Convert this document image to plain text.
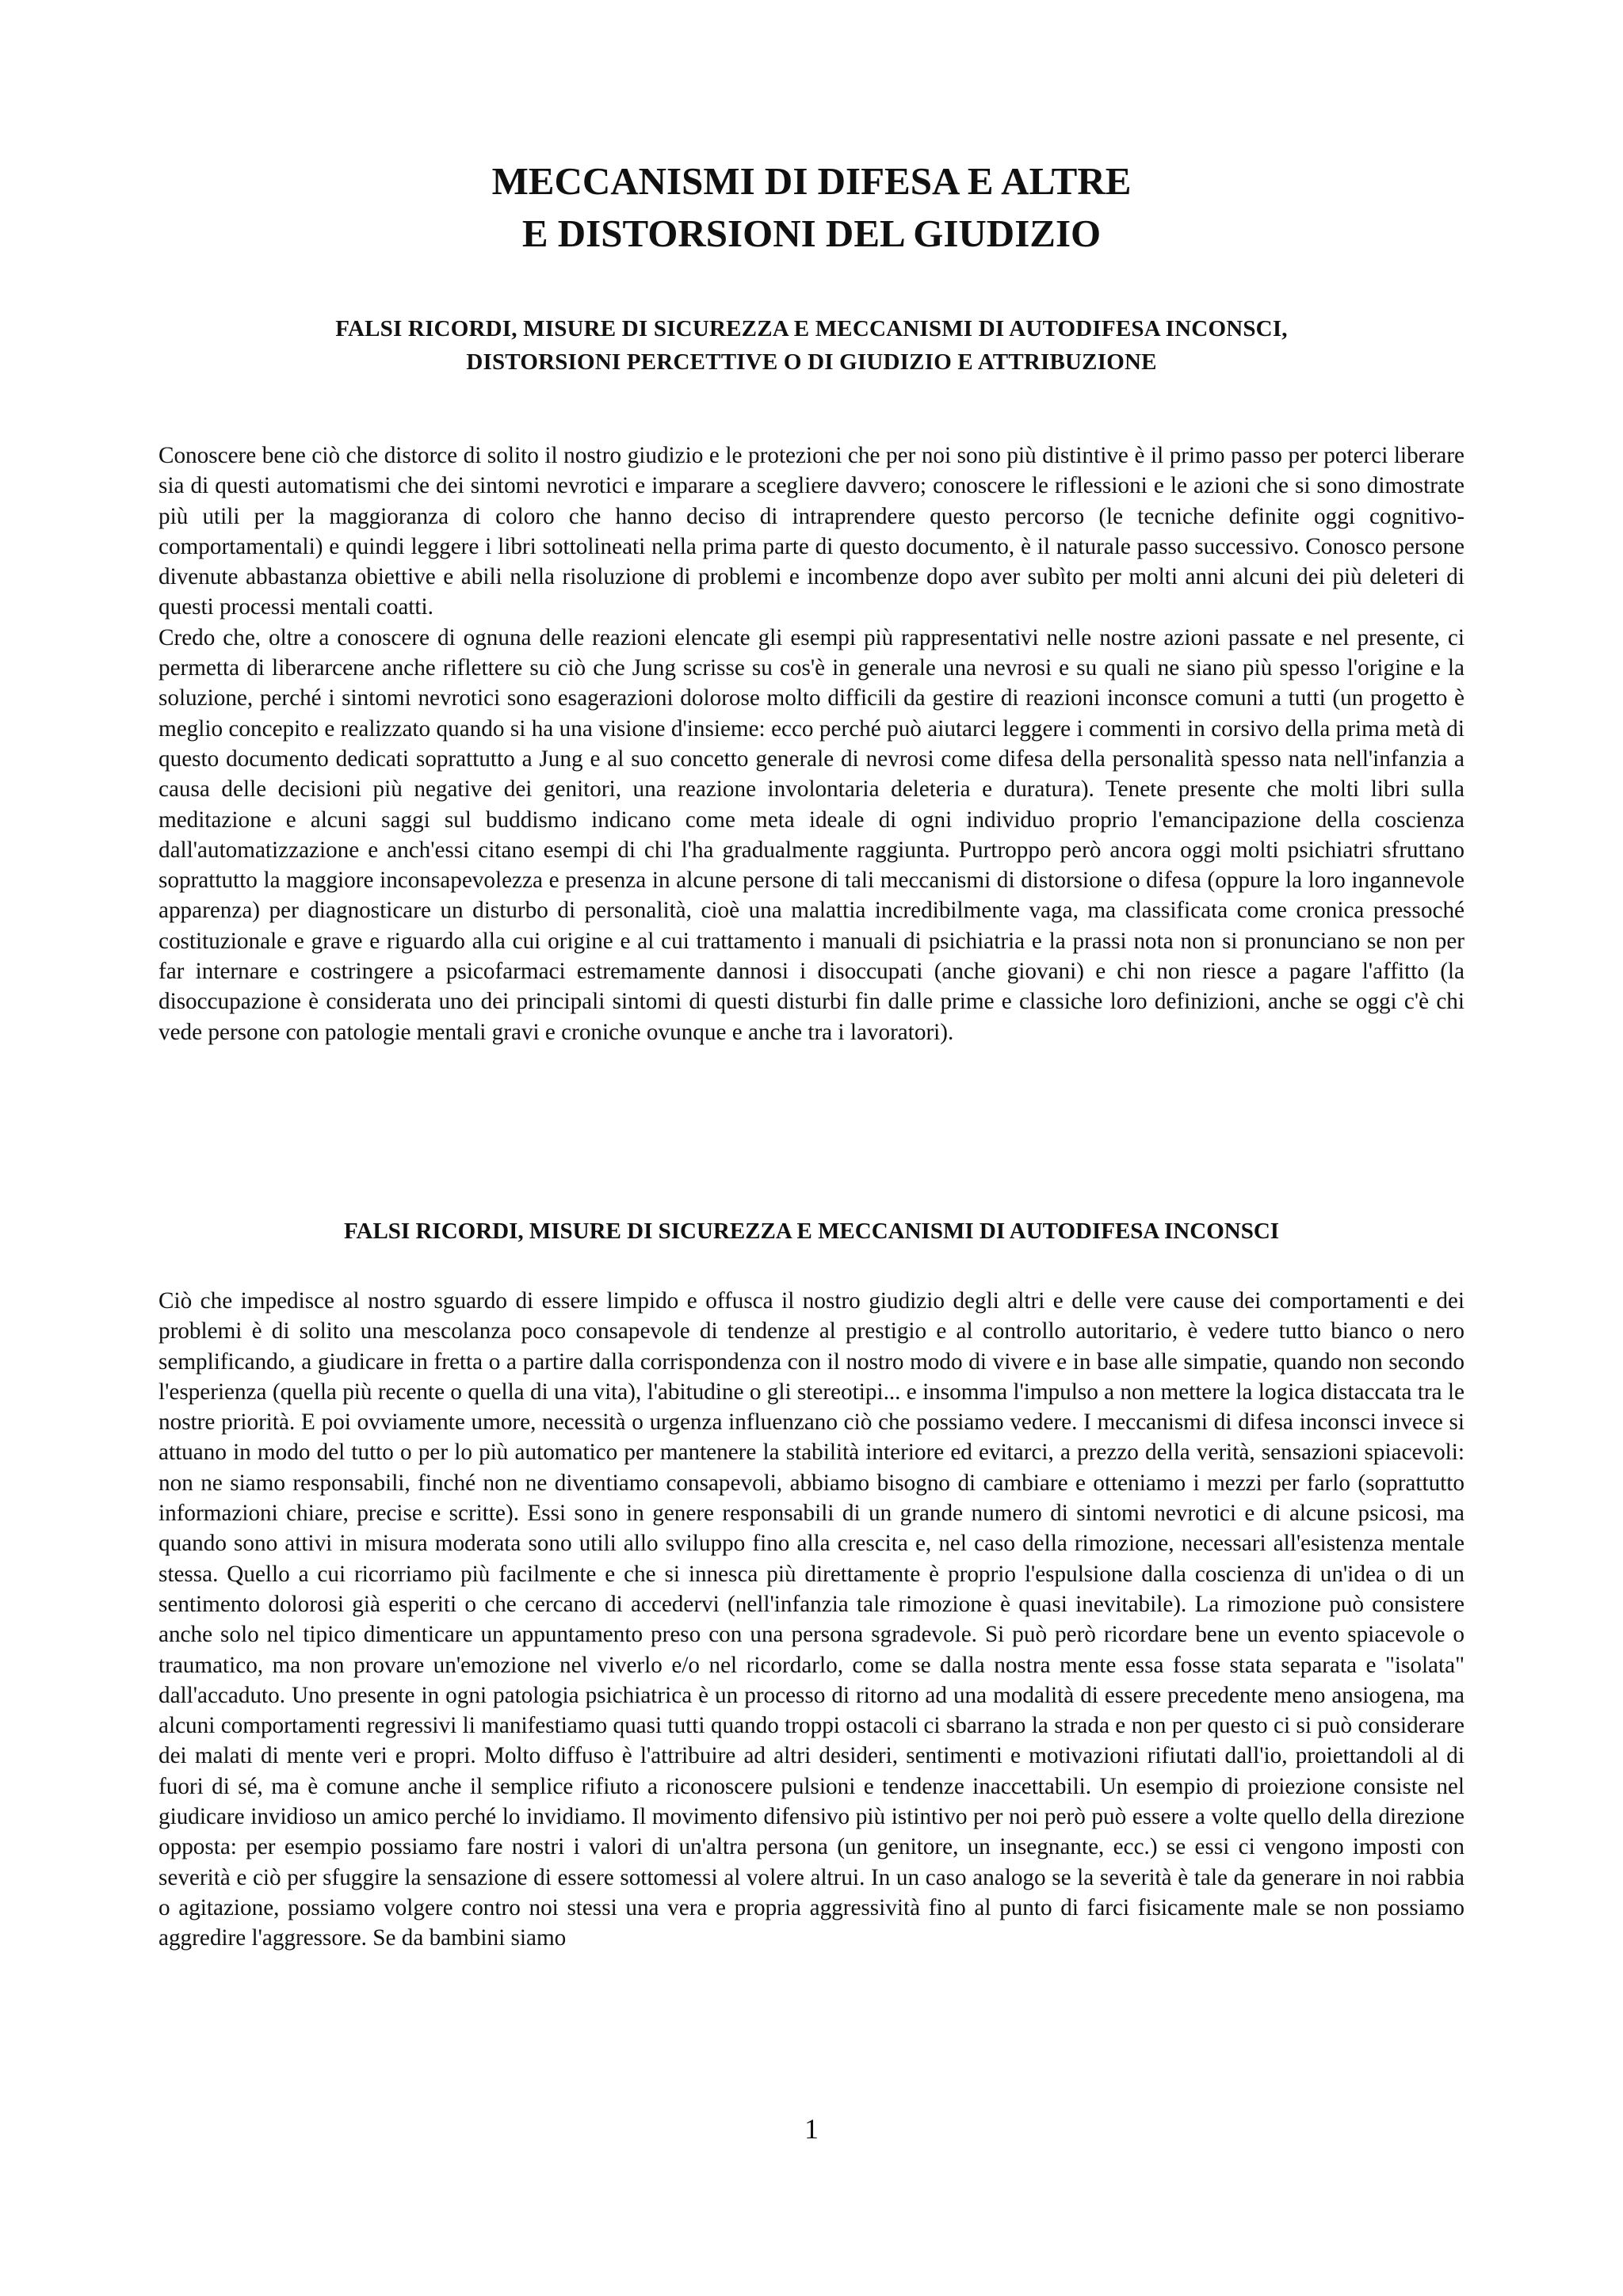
MECCANISMI DI DIFESA E ALTRE
E DISTORSIONI DEL GIUDIZIO
FALSI RICORDI, MISURE DI SICUREZZA E MECCANISMI DI AUTODIFESA INCONSCI,
DISTORSIONI PERCETTIVE O DI GIUDIZIO E ATTRIBUZIONE

Conoscere bene ciò che distorce di solito il nostro giudizio e le protezioni che per noi sono più distintive è il primo passo per poterci liberare sia di questi automatismi che dei sintomi nevrotici e imparare a scegliere davvero; conoscere le riflessioni e le azioni che si sono dimostrate più utili per la maggioranza di coloro che hanno deciso di intraprendere questo percorso (le tecniche definite oggi cognitivo-comportamentali) e quindi leggere i libri sottolineati nella prima parte di questo documento, è il naturale passo successivo. Conosco persone divenute abbastanza obiettive e abili nella risoluzione di problemi e incombenze dopo aver subìto per molti anni alcuni dei più deleteri di questi processi mentali coatti.

Credo che, oltre a conoscere di ognuna delle reazioni elencate gli esempi più rappresentativi nelle nostre azioni passate e nel presente, ci permetta di liberarcene anche riflettere su ciò che Jung scrisse su cos'è in generale una nevrosi e su quali ne siano più spesso l'origine e la soluzione, perché i sintomi nevrotici sono esagerazioni dolorose molto difficili da gestire di reazioni inconsce comuni a tutti (un progetto è meglio concepito e realizzato quando si ha una visione d'insieme: ecco perché può aiutarci leggere i commenti in corsivo della prima metà di questo documento dedicati soprattutto a Jung e al suo concetto generale di nevrosi come difesa della personalità spesso nata nell'infanzia a causa delle decisioni più negative dei genitori, una reazione involontaria deleteria e duratura). Tenete presente che molti libri sulla meditazione e alcuni saggi sul buddismo indicano come meta ideale di ogni individuo proprio l'emancipazione della coscienza dall'automatizzazione e anch'essi citano esempi di chi l'ha gradualmente raggiunta. Purtroppo però ancora oggi molti psichiatri sfruttano soprattutto la maggiore inconsapevolezza e presenza in alcune persone di tali meccanismi di distorsione o difesa (oppure la loro ingannevole apparenza) per diagnosticare un disturbo di personalità, cioè una malattia incredibilmente vaga, ma classificata come cronica pressoché costituzionale e grave e riguardo alla cui origine e al cui trattamento i manuali di psichiatria e la prassi nota non si pronunciano se non per far internare e costringere a psicofarmaci estremamente dannosi i disoccupati (anche giovani) e chi non riesce a pagare l'affitto (la disoccupazione è considerata uno dei principali sintomi di questi disturbi fin dalle prime e classiche loro definizioni, anche se oggi c'è chi vede persone con patologie mentali gravi e croniche ovunque e anche tra i lavoratori).

FALSI RICORDI, MISURE DI SICUREZZA E MECCANISMI DI AUTODIFESA INCONSCI

Ciò che impedisce al nostro sguardo di essere limpido e offusca il nostro giudizio degli altri e delle vere cause dei comportamenti e dei problemi è di solito una mescolanza poco consapevole di tendenze al prestigio e al controllo autoritario, è vedere tutto bianco o nero semplificando, a giudicare in fretta o a partire dalla corrispondenza con il nostro modo di vivere e in base alle simpatie, quando non secondo l'esperienza (quella più recente o quella di una vita), l'abitudine o gli stereotipi... e insomma l'impulso a non mettere la logica distaccata tra le nostre priorità. E poi ovviamente umore, necessità o urgenza influenzano ciò che possiamo vedere. I meccanismi di difesa inconsci invece si attuano in modo del tutto o per lo più automatico per mantenere la stabilità interiore ed evitarci, a prezzo della verità, sensazioni spiacevoli: non ne siamo responsabili, finché non ne diventiamo consapevoli, abbiamo bisogno di cambiare e otteniamo i mezzi per farlo (soprattutto informazioni chiare, precise e scritte). Essi sono in genere responsabili di un grande numero di sintomi nevrotici e di alcune psicosi, ma quando sono attivi in misura moderata sono utili allo sviluppo fino alla crescita e, nel caso della rimozione, necessari all'esistenza mentale stessa. Quello a cui ricorriamo più facilmente e che si innesca più direttamente è proprio l'espulsione dalla coscienza di un'idea o di un sentimento dolorosi già esperiti o che cercano di accedervi (nell'infanzia tale rimozione è quasi inevitabile). La rimozione può consistere anche solo nel tipico dimenticare un appuntamento preso con una persona sgradevole. Si può però ricordare bene un evento spiacevole o traumatico, ma non provare un'emozione nel viverlo e/o nel ricordarlo, come se dalla nostra mente essa fosse stata separata e "isolata" dall'accaduto. Uno presente in ogni patologia psichiatrica è un processo di ritorno ad una modalità di essere precedente meno ansiogena, ma alcuni comportamenti regressivi li manifestiamo quasi tutti quando troppi ostacoli ci sbarrano la strada e non per questo ci si può considerare dei malati di mente veri e propri. Molto diffuso è l'attribuire ad altri desideri, sentimenti e motivazioni rifiutati dall'io, proiettandoli al di fuori di sé, ma è comune anche il semplice rifiuto a riconoscere pulsioni e tendenze inaccettabili. Un esempio di proiezione consiste nel giudicare invidioso un amico perché lo invidiamo. Il movimento difensivo più istintivo per noi però può essere a volte quello della direzione opposta: per esempio possiamo fare nostri i valori di un'altra persona (un genitore, un insegnante, ecc.) se essi ci vengono imposti con severità e ciò per sfuggire la sensazione di essere sottomessi al volere altrui. In un caso analogo se la severità è tale da generare in noi rabbia o agitazione, possiamo volgere contro noi stessi una vera e propria aggressività fino al punto di farci fisicamente male se non possiamo aggredire l'aggressore. Se da bambini siamo

1
